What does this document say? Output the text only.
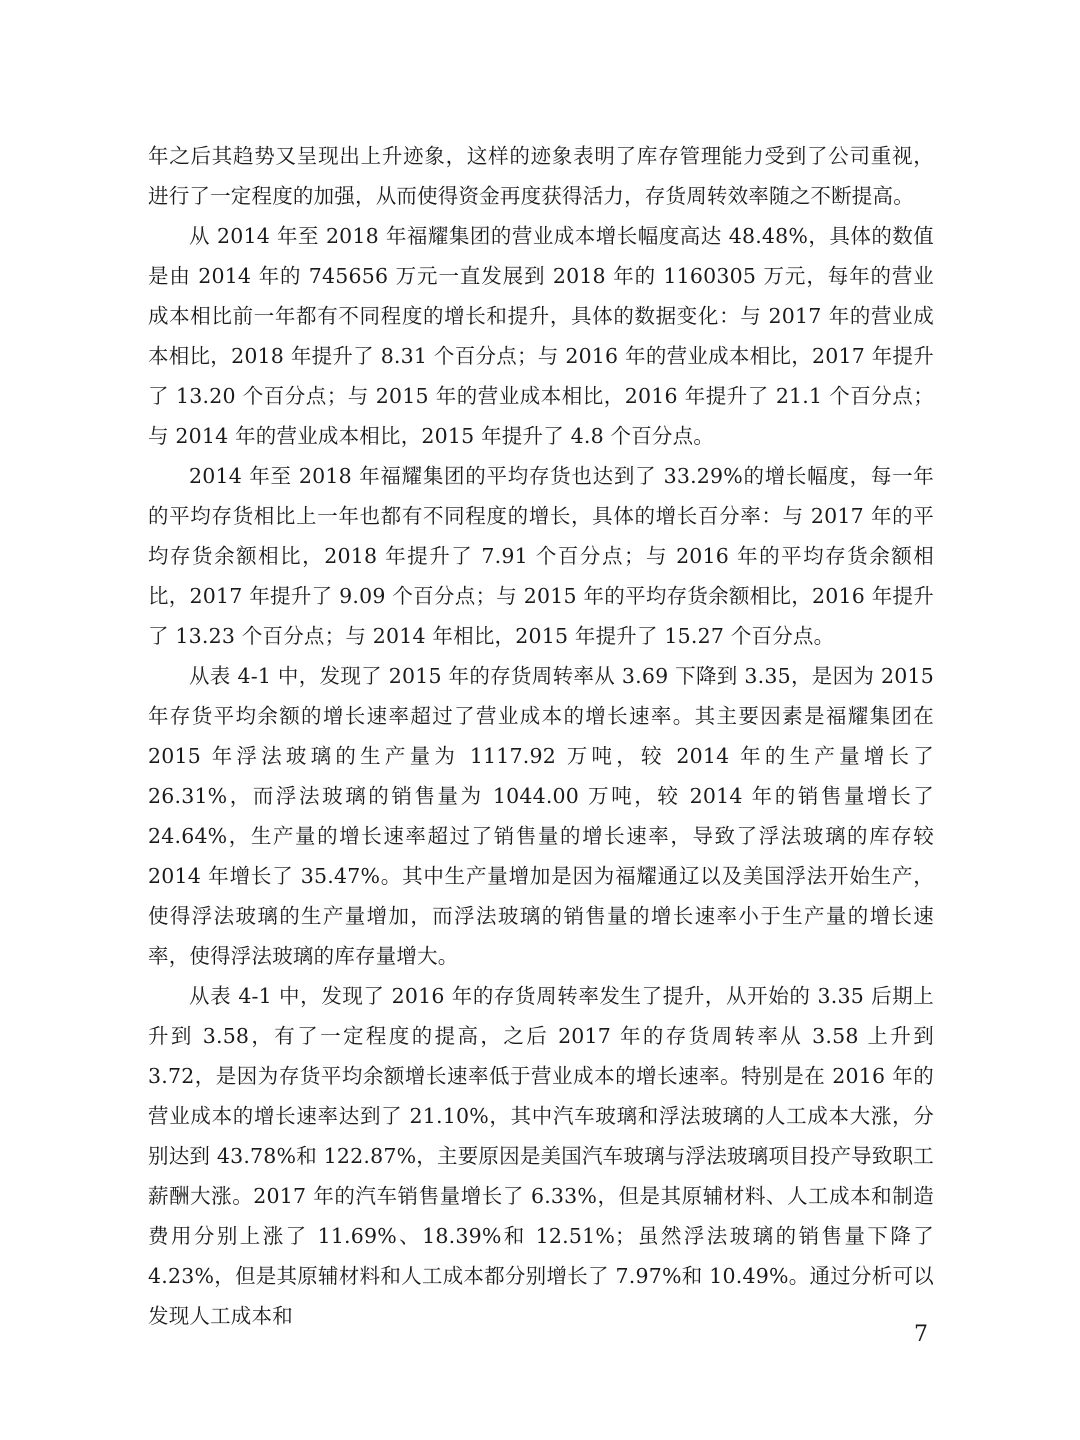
年之后其趋势又呈现出上升迹象，这样的迹象表明了库存管理能力受到了公司重视，进行了一定程度的加强，从而使得资金再度获得活力，存货周转效率随之不断提高。

从 2014 年至 2018 年福耀集团的营业成本增长幅度高达 48.48%，具体的数值是由 2014 年的 745656 万元一直发展到 2018 年的 1160305 万元，每年的营业成本相比前一年都有不同程度的增长和提升，具体的数据变化：与 2017 年的营业成本相比，2018 年提升了 8.31 个百分点；与 2016 年的营业成本相比，2017 年提升了 13.20 个百分点；与 2015 年的营业成本相比，2016 年提升了 21.1 个百分点；与 2014 年的营业成本相比，2015 年提升了 4.8 个百分点。

2014 年至 2018 年福耀集团的平均存货也达到了 33.29%的增长幅度，每一年的平均存货相比上一年也都有不同程度的增长，具体的增长百分率：与 2017 年的平均存货余额相比，2018 年提升了 7.91 个百分点；与 2016 年的平均存货余额相比，2017 年提升了 9.09 个百分点；与 2015 年的平均存货余额相比，2016 年提升了 13.23 个百分点；与 2014 年相比，2015 年提升了 15.27 个百分点。

从表 4-1 中，发现了 2015 年的存货周转率从 3.69 下降到 3.35，是因为 2015 年存货平均余额的增长速率超过了营业成本的增长速率。其主要因素是福耀集团在 2015 年浮法玻璃的生产量为 1117.92 万吨，较 2014 年的生产量增长了 26.31%，而浮法玻璃的销售量为 1044.00 万吨，较 2014 年的销售量增长了 24.64%，生产量的增长速率超过了销售量的增长速率，导致了浮法玻璃的库存较 2014 年增长了 35.47%。其中生产量增加是因为福耀通辽以及美国浮法开始生产，使得浮法玻璃的生产量增加，而浮法玻璃的销售量的增长速率小于生产量的增长速率，使得浮法玻璃的库存量增大。

从表 4-1 中，发现了 2016 年的存货周转率发生了提升，从开始的 3.35 后期上升到 3.58，有了一定程度的提高，之后 2017 年的存货周转率从 3.58 上升到 3.72，是因为存货平均余额增长速率低于营业成本的增长速率。特别是在 2016 年的营业成本的增长速率达到了 21.10%，其中汽车玻璃和浮法玻璃的人工成本大涨，分别达到 43.78%和 122.87%，主要原因是美国汽车玻璃与浮法玻璃项目投产导致职工薪酬大涨。2017 年的汽车销售量增长了 6.33%，但是其原辅材料、人工成本和制造费用分别上涨了 11.69%、18.39%和 12.51%；虽然浮法玻璃的销售量下降了 4.23%，但是其原辅材料和人工成本都分别增长了 7.97%和 10.49%。通过分析可以发现人工成本和

7
